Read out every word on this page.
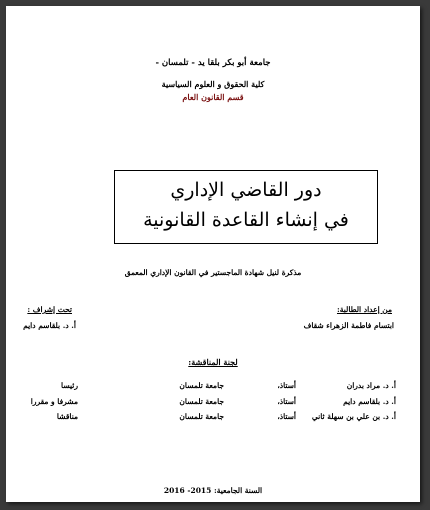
جامعة أبو بكر بلقا يد - تلمسان -
كلية الحقوق و العلوم السياسية
قسم القانون العام
دور القاضي الإداري
في إنشاء القاعدة القانونية
مذكرة لنيل شهادة الماجستير في القانون الإداري المعمق
من إعداد الطالبة:
ابتسام فاطمة الزهراء شقاف
تحت إشراف :
أ. د. بلقاسم دايم
لجنة المناقشة:
أ. د. مراد بدران
أستاذ،
جامعة تلمسان
رئيسا
أ. د. بلقاسم دايم
أستاذ،
جامعة تلمسان
مشرفا و مقررا
أ. د. بن علي بن سهلة ثاني
أستاذ،
جامعة تلمسان
مناقشا
السنة الجامعية: 2015- 2016
